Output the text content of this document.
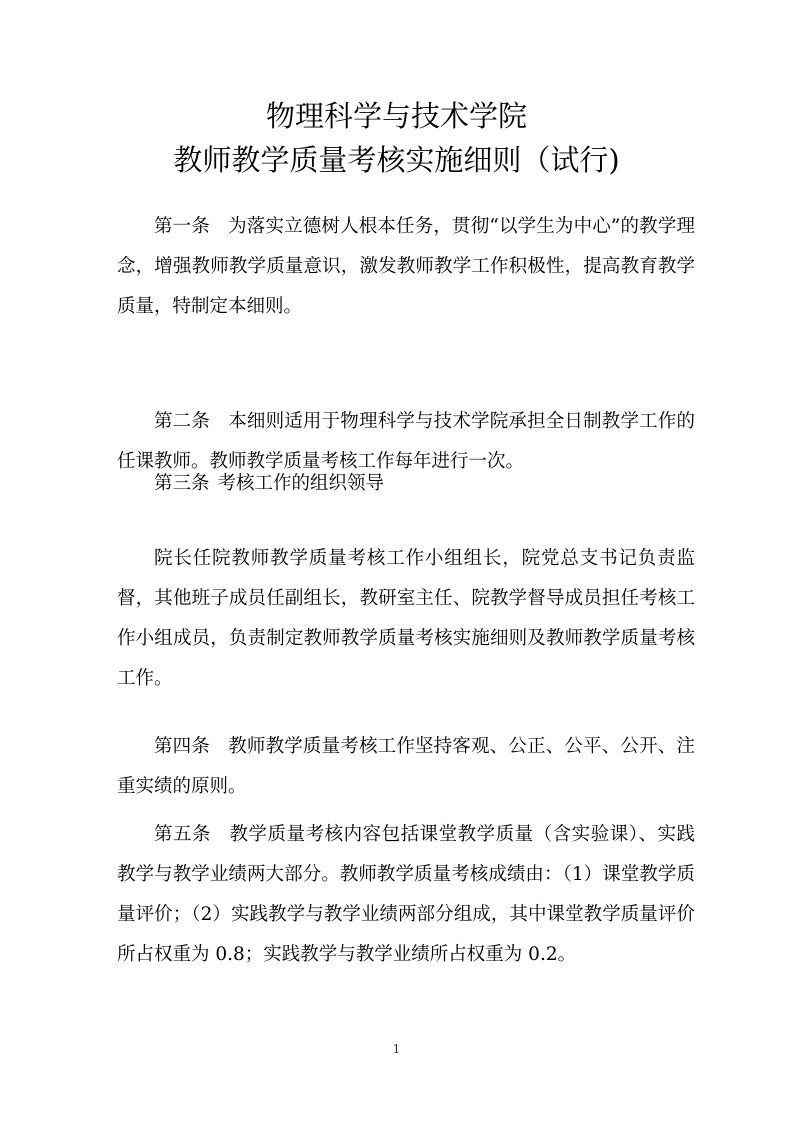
物理科学与技术学院
教师教学质量考核实施细则（试行)
第一条 为落实立德树人根本任务，贯彻“以学生为中心”的教学理念，增强教师教学质量意识，激发教师教学工作积极性，提高教育教学质量，特制定本细则。
第二条 本细则适用于物理科学与技术学院承担全日制教学工作的任课教师。教师教学质量考核工作每年进行一次。
第三条 考核工作的组织领导
院长任院教师教学质量考核工作小组组长，院党总支书记负责监督，其他班子成员任副组长，教研室主任、院教学督导成员担任考核工作小组成员，负责制定教师教学质量考核实施细则及教师教学质量考核工作。
第四条 教师教学质量考核工作坚持客观、公正、公平、公开、注重实绩的原则。
第五条 教学质量考核内容包括课堂教学质量（含实验课）、实践教学与教学业绩两大部分。教师教学质量考核成绩由：（1）课堂教学质量评价；（2）实践教学与教学业绩两部分组成，其中课堂教学质量评价所占权重为 0.8；实践教学与教学业绩所占权重为 0.2。
1
